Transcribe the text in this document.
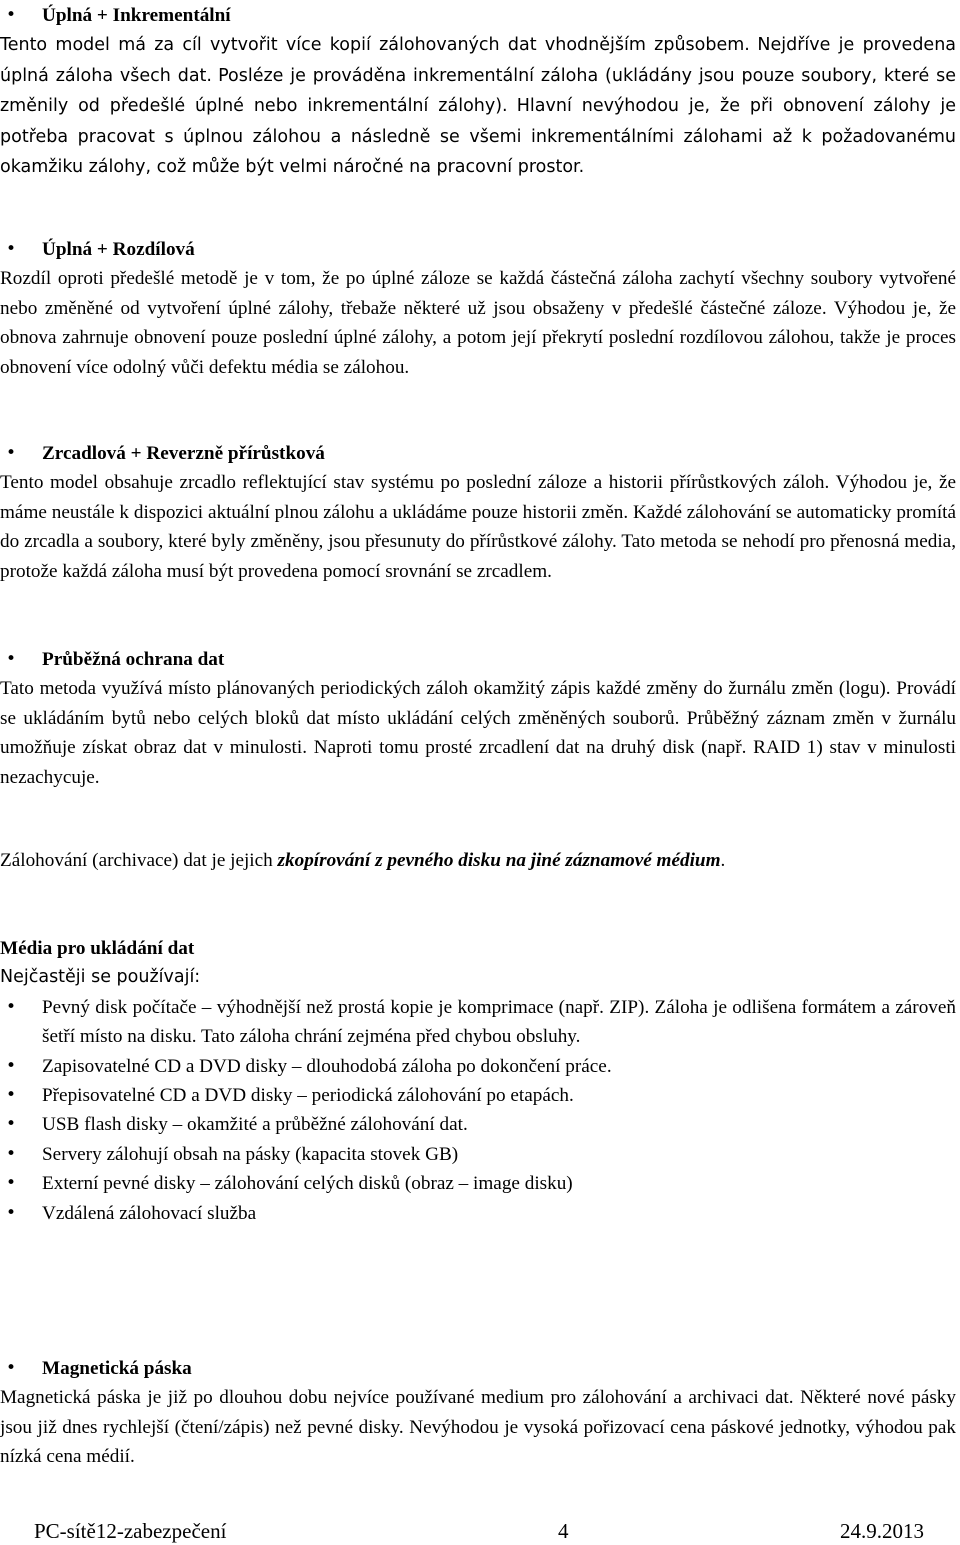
•	Úplná + Inkrementální
Tento model má za cíl vytvořit více kopií zálohovaných dat vhodnějším způsobem. Nejdříve je provedena úplná záloha všech dat. Posléze je prováděna inkrementální záloha (ukládány jsou pouze soubory, které se změnily od předešlé úplné nebo inkrementální zálohy). Hlavní nevýhodou je, že při obnovení zálohy je potřeba pracovat s úplnou zálohou a následně se všemi inkrementálními zálohami až k požadovanému okamžiku zálohy, což může být velmi náročné na pracovní prostor.
•	Úplná + Rozdílová
Rozdíl oproti předešlé metodě je v tom, že po úplné záloze se každá částečná záloha zachytí všechny soubory vytvořené nebo změněné od vytvoření úplné zálohy, třebaže některé už jsou obsaženy v předešlé částečné záloze. Výhodou je, že obnova zahrnuje obnovení pouze poslední úplné zálohy, a potom její překrytí poslední rozdílovou zálohou, takže je proces obnovení více odolný vůči defektu média se zálohou.
•	Zrcadlová + Reverzně přírůstková
Tento model obsahuje zrcadlo reflektující stav systému po poslední záloze a historii přírůstkových záloh. Výhodou je, že máme neustále k dispozici aktuální plnou zálohu a ukládáme pouze historii změn. Každé zálohování se automaticky promítá do zrcadla a soubory, které byly změněny, jsou přesunuty do přírůstkové zálohy. Tato metoda se nehodí pro přenosná media, protože každá záloha musí být provedena pomocí srovnání se zrcadlem.
•	Průběžná ochrana dat
Tato metoda využívá místo plánovaných periodických záloh okamžitý zápis každé změny do žurnálu změn (logu). Provádí se ukládáním bytů nebo celých bloků dat místo ukládání celých změněných souborů. Průběžný záznam změn v žurnálu umožňuje získat obraz dat v minulosti. Naproti tomu prosté zrcadlení dat na druhý disk (např. RAID 1) stav v minulosti nezachycuje.
Zálohování (archivace) dat je jejich zkopírování z pevného disku na jiné záznamové médium.
Média pro ukládání dat
Nejčastěji se používají:
•	Pevný disk počítače – výhodnější než prostá kopie je komprimace (např. ZIP). Záloha je odlišena formátem a zároveň šetří místo na disku. Tato záloha chrání zejména před chybou obsluhy.
•	Zapisovatelné CD a DVD disky – dlouhodobá záloha po dokončení práce.
•	Přepisovatelné CD a DVD disky – periodická zálohování po etapách.
•	USB flash disky – okamžité a průběžné zálohování dat.
•	Servery zálohují obsah na pásky (kapacita stovek GB)
•	Externí pevné disky – zálohování celých disků (obraz – image disku)
•	Vzdálená zálohovací služba
•	Magnetická páska
Magnetická páska je již po dlouhou dobu nejvíce používané medium pro zálohování a archivaci dat. Některé nové pásky jsou již dnes rychlejší (čtení/zápis) než pevné disky. Nevýhodou je vysoká pořizovací cena páskové jednotky, výhodou pak nízká cena médií.
PC-sítě12-zabezpečení	4	24.9.2013
